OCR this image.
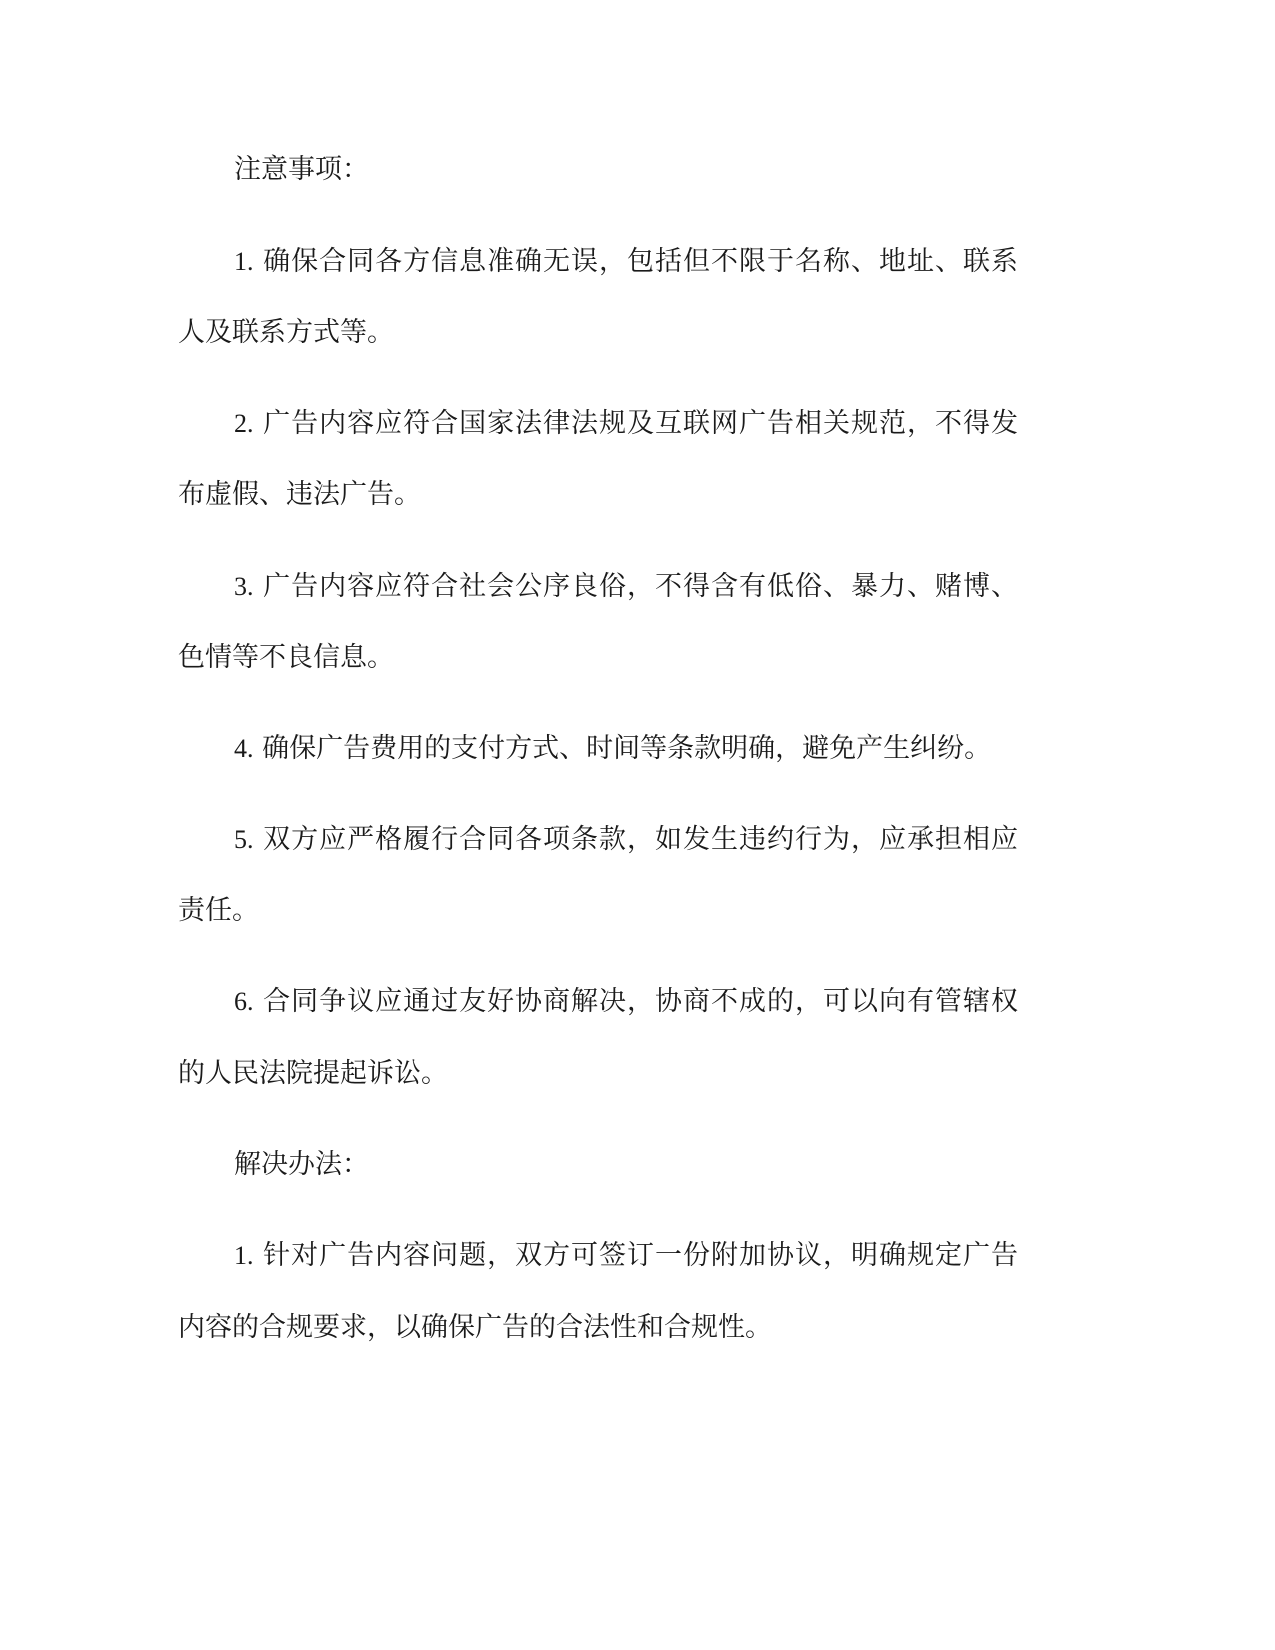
注意事项：
1. 确保合同各方信息准确无误，包括但不限于名称、地址、联系
人及联系方式等。
2. 广告内容应符合国家法律法规及互联网广告相关规范，不得发
布虚假、违法广告。
3. 广告内容应符合社会公序良俗，不得含有低俗、暴力、赌博、
色情等不良信息。
4. 确保广告费用的支付方式、时间等条款明确，避免产生纠纷。
5. 双方应严格履行合同各项条款，如发生违约行为，应承担相应
责任。
6. 合同争议应通过友好协商解决，协商不成的，可以向有管辖权
的人民法院提起诉讼。
解决办法：
1. 针对广告内容问题，双方可签订一份附加协议，明确规定广告
内容的合规要求，以确保广告的合法性和合规性。
